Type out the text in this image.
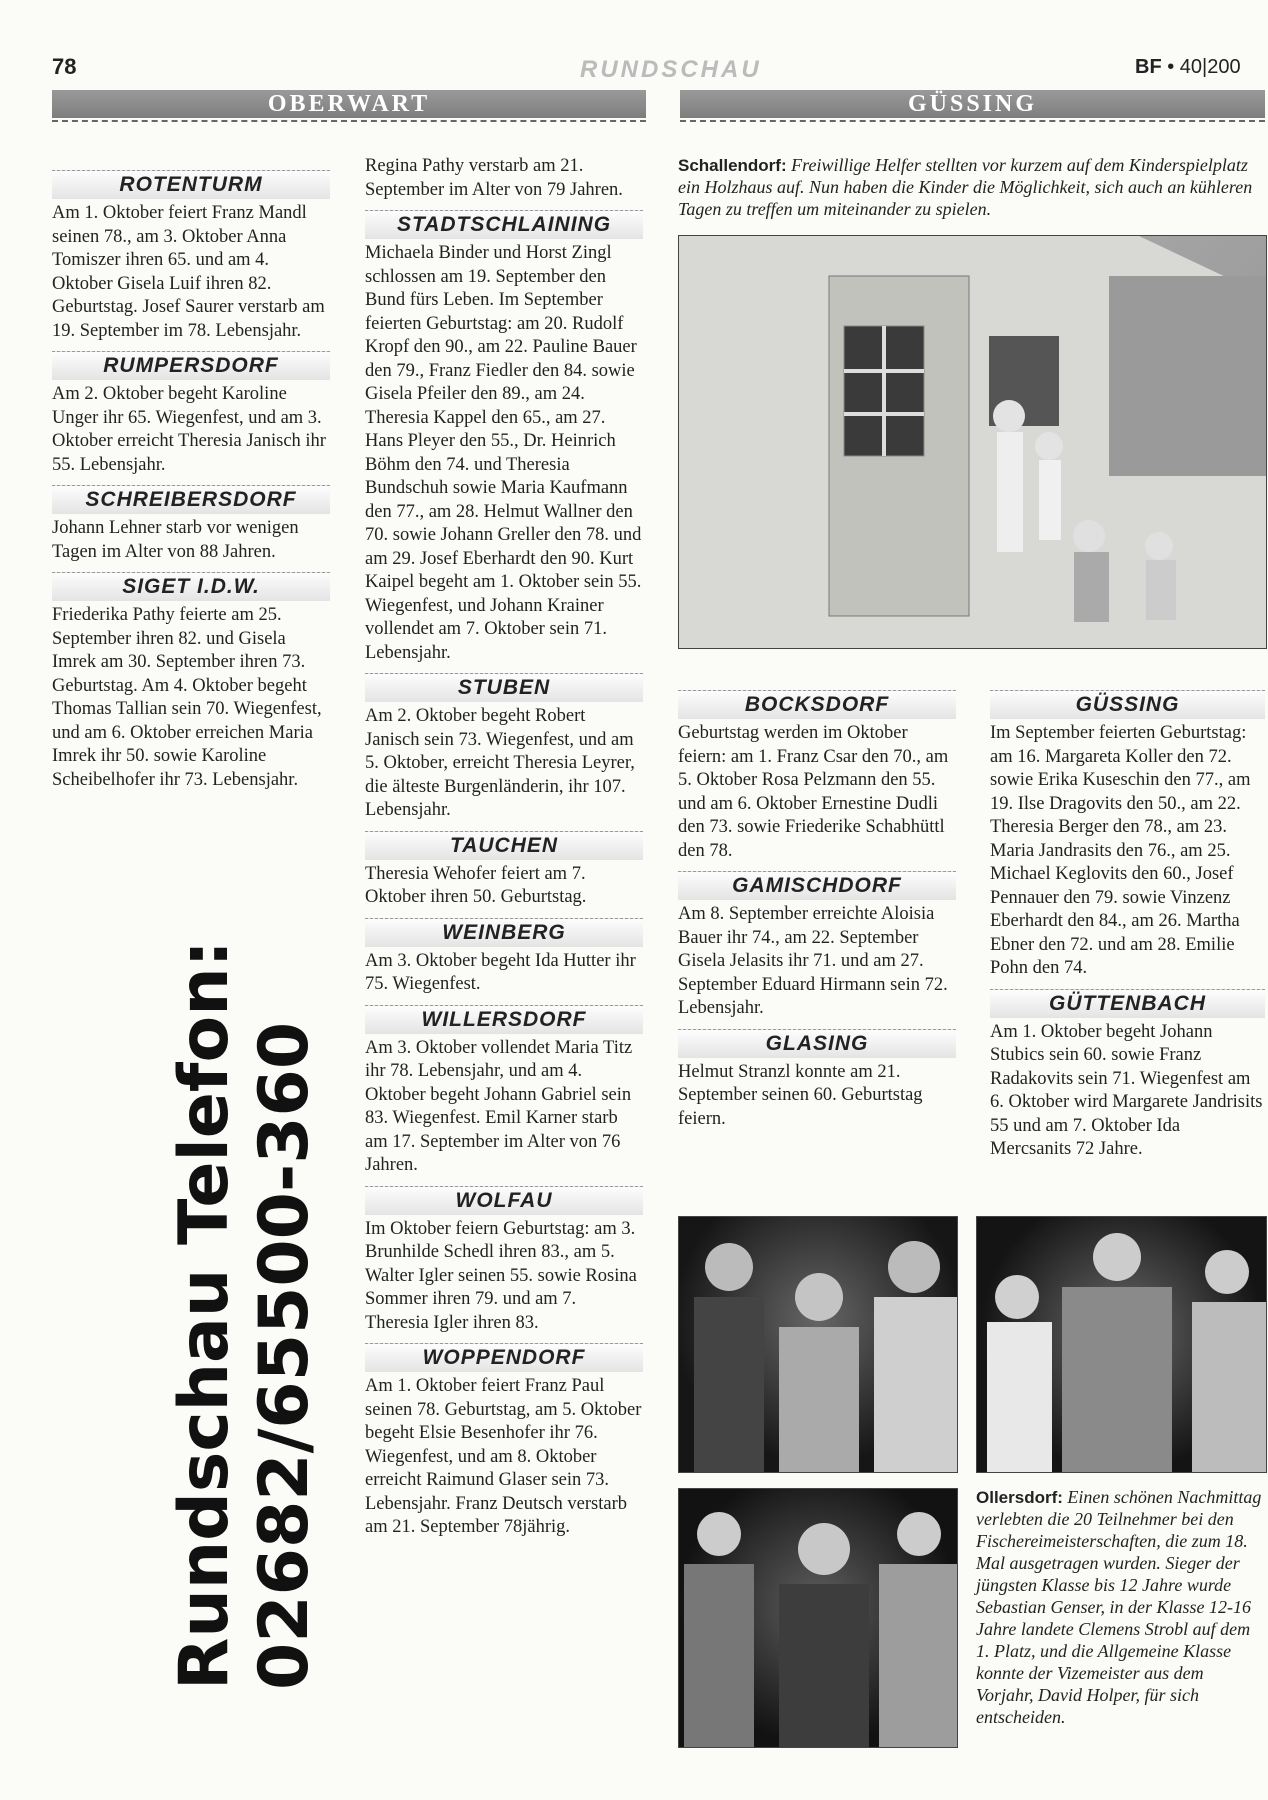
78	RUNDSCHAU	BF • 40|200
OBERWART	GÜSSING
ROTENTURM

Am 1. Oktober feiert Franz Mandl seinen 78., am 3. Oktober Anna Tomiszer ihren 65. und am 4. Oktober Gisela Luif ihren 82. Geburtstag. Josef Saurer verstarb am 19. September im 78. Lebensjahr.

RUMPERSDORF

Am 2. Oktober begeht Karoline Unger ihr 65. Wiegenfest, und am 3. Oktober erreicht Theresia Janisch ihr 55. Lebensjahr.

SCHREIBERSDORF

Johann Lehner starb vor wenigen Tagen im Alter von 88 Jahren.

SIGET I.D.W.

Friederika Pathy feierte am 25. September ihren 82. und Gisela Imrek am 30. September ihren 73. Geburtstag. Am 4. Oktober begeht Thomas Tallian sein 70. Wiegenfest, und am 6. Oktober erreichen Maria Imrek ihr 50. sowie Karoline Scheibelhofer ihr 73. Lebensjahr.

Rundschau Telefon: 02682/65500-360

Regina Pathy verstarb am 21. September im Alter von 79 Jahren.

STADTSCHLAINING

Michaela Binder und Horst Zingl schlossen am 19. September den Bund fürs Leben. Im September feierten Geburtstag: am 20. Rudolf Kropf den 90., am 22. Pauline Bauer den 79., Franz Fiedler den 84. sowie Gisela Pfeiler den 89., am 24. Theresia Kappel den 65., am 27. Hans Pleyer den 55., Dr. Heinrich Böhm den 74. und Theresia Bundschuh sowie Maria Kaufmann den 77., am 28. Helmut Wallner den 70. sowie Johann Greller den 78. und am 29. Josef Eberhardt den 90. Kurt Kaipel begeht am 1. Oktober sein 55. Wiegenfest, und Johann Krainer vollendet am 7. Oktober sein 71. Lebensjahr.

STUBEN

Am 2. Oktober begeht Robert Janisch sein 73. Wiegenfest, und am 5. Oktober, erreicht Theresia Leyrer, die älteste Burgenländerin, ihr 107. Lebensjahr.

TAUCHEN

Theresia Wehofer feiert am 7. Oktober ihren 50. Geburtstag.

WEINBERG

Am 3. Oktober begeht Ida Hutter ihr 75. Wiegenfest.

WILLERSDORF

Am 3. Oktober vollendet Maria Titz ihr 78. Lebensjahr, und am 4. Oktober begeht Johann Gabriel sein 83. Wiegenfest. Emil Karner starb am 17. September im Alter von 76 Jahren.

WOLFAU

Im Oktober feiern Geburtstag: am 3. Brunhilde Schedl ihren 83., am 5. Walter Igler seinen 55. sowie Rosina Sommer ihren 79. und am 7. Theresia Igler ihren 83.

WOPPENDORF

Am 1. Oktober feiert Franz Paul seinen 78. Geburtstag, am 5. Oktober begeht Elsie Besenhofer ihr 76. Wiegenfest, und am 8. Oktober erreicht Raimund Glaser sein 73. Lebensjahr. Franz Deutsch verstarb am 21. September 78jährig.

Schallendorf: Freiwillige Helfer stellten vor kurzem auf dem Kinderspielplatz ein Holzhaus auf. Nun haben die Kinder die Möglichkeit, sich auch an kühleren Tagen zu treffen um miteinander zu spielen.
BOCKSDORF

Geburtstag werden im Oktober feiern: am 1. Franz Csar den 70., am 5. Oktober Rosa Pelzmann den 55. und am 6. Oktober Ernestine Dudli den 73. sowie Friederike Schabhüttl den 78.

GAMISCHDORF

Am 8. September erreichte Aloisia Bauer ihr 74., am 22. September Gisela Jelasits ihr 71. und am 27. September Eduard Hirmann sein 72. Lebensjahr.

GLASING

Helmut Stranzl konnte am 21. September seinen 60. Geburtstag feiern.

GÜSSING

Im September feierten Geburtstag: am 16. Margareta Koller den 72. sowie Erika Kuseschin den 77., am 19. Ilse Dragovits den 50., am 22. Theresia Berger den 78., am 23. Maria Jandrasits den 76., am 25. Michael Keglovits den 60., Josef Pennauer den 79. sowie Vinzenz Eberhardt den 84., am 26. Martha Ebner den 72. und am 28. Emilie Pohn den 74.

GÜTTENBACH

Am 1. Oktober begeht Johann Stubics sein 60. sowie Franz Radakovits sein 71. Wiegenfest am 6. Oktober wird Margarete Jandrisits 55 und am 7. Oktober Ida Mercsanits 72 Jahre.

Ollersdorf: Einen schönen Nachmittag verlebten die 20 Teilnehmer bei den Fischereimeisterschaften, die zum 18. Mal ausgetragen wurden. Sieger der jüngsten Klasse bis 12 Jahre wurde Sebastian Genser, in der Klasse 12-16 Jahre landete Clemens Strobl auf dem 1. Platz, und die Allgemeine Klasse konnte der Vizemeister aus dem Vorjahr, David Holper, für sich entscheiden.
